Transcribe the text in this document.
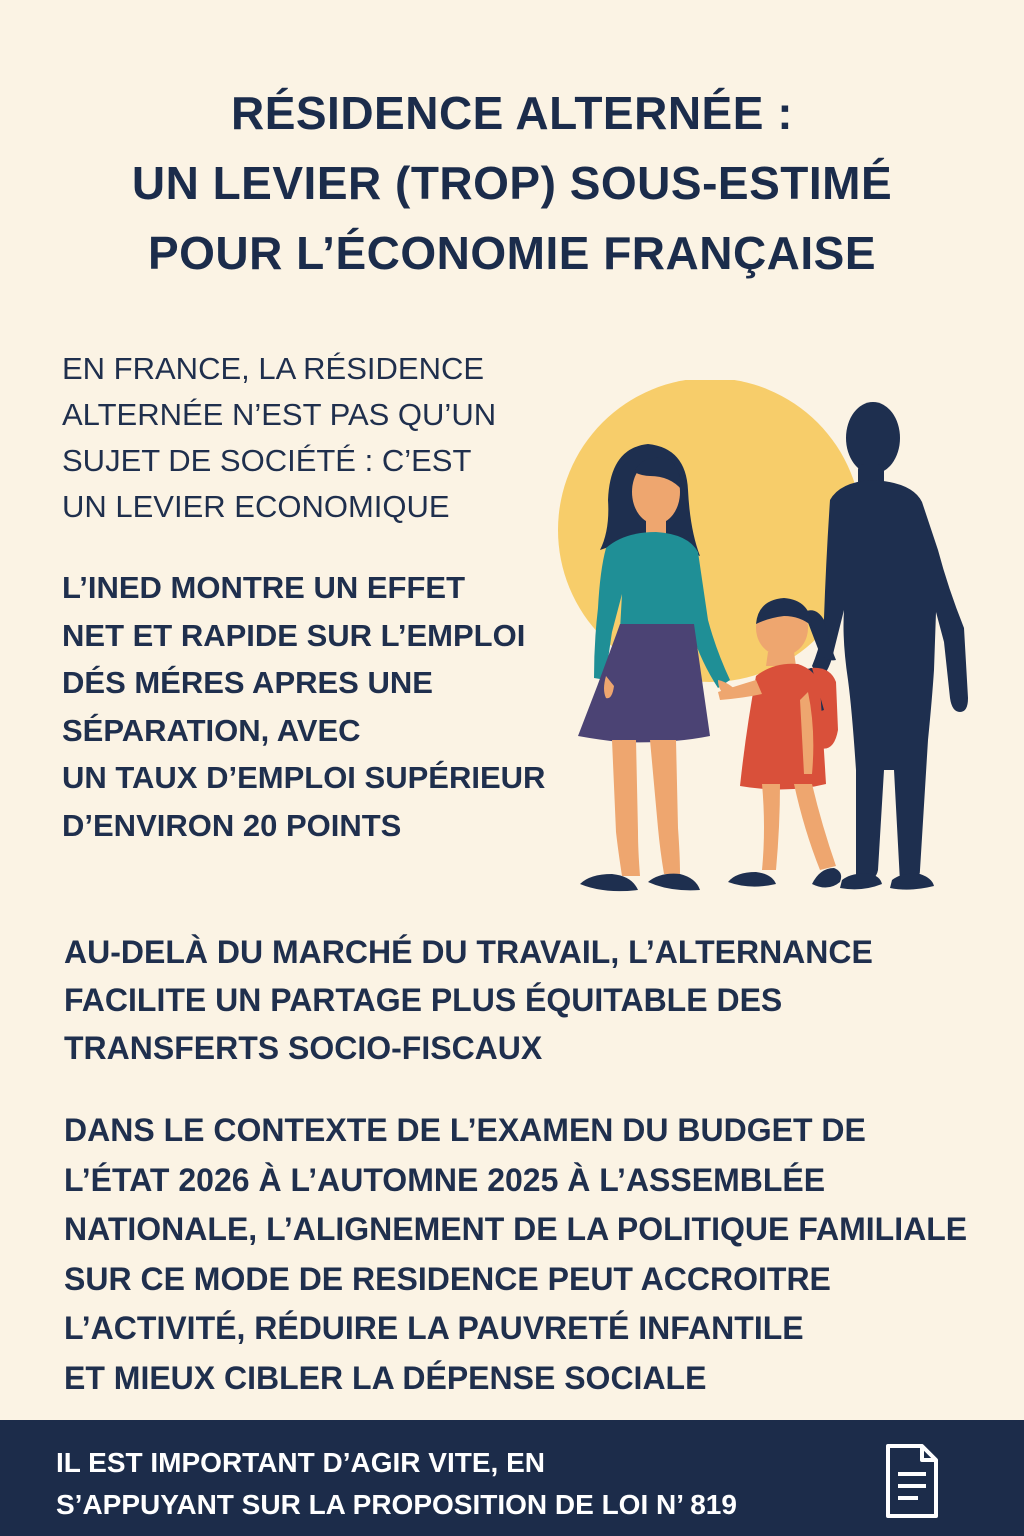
RÉSIDENCE ALTERNÉE :
UN LEVIER (TROP) SOUS-ESTIMÉ
POUR L’ÉCONOMIE FRANÇAISE
EN FRANCE, LA RÉSIDENCE
ALTERNÉE N’EST PAS QU’UN
SUJET DE SOCIÉTÉ : C’EST
UN LEVIER ECONOMIQUE
L’INED MONTRE UN EFFET
NET ET RAPIDE SUR L’EMPLOI
DÉS MÉRES APRES UNE
SÉPARATION, AVEC
UN TAUX D’EMPLOI SUPÉRIEUR
D’ENVIRON 20 POINTS
AU-DELÀ DU MARCHÉ DU TRAVAIL, L’ALTERNANCE
FACILITE UN PARTAGE PLUS ÉQUITABLE DES
TRANSFERTS SOCIO-FISCAUX
DANS LE CONTEXTE DE L’EXAMEN DU BUDGET DE
L’ÉTAT 2026 À L’AUTOMNE 2025 À L’ASSEMBLÉE
NATIONALE, L’ALIGNEMENT DE LA POLITIQUE FAMILIALE
SUR CE MODE DE RESIDENCE PEUT ACCROITRE
L’ACTIVITÉ, RÉDUIRE LA PAUVRETÉ INFANTILE
ET MIEUX CIBLER LA DÉPENSE SOCIALE
IL EST IMPORTANT D’AGIR VITE, EN
S’APPUYANT SUR LA PROPOSITION DE LOI N’ 819
